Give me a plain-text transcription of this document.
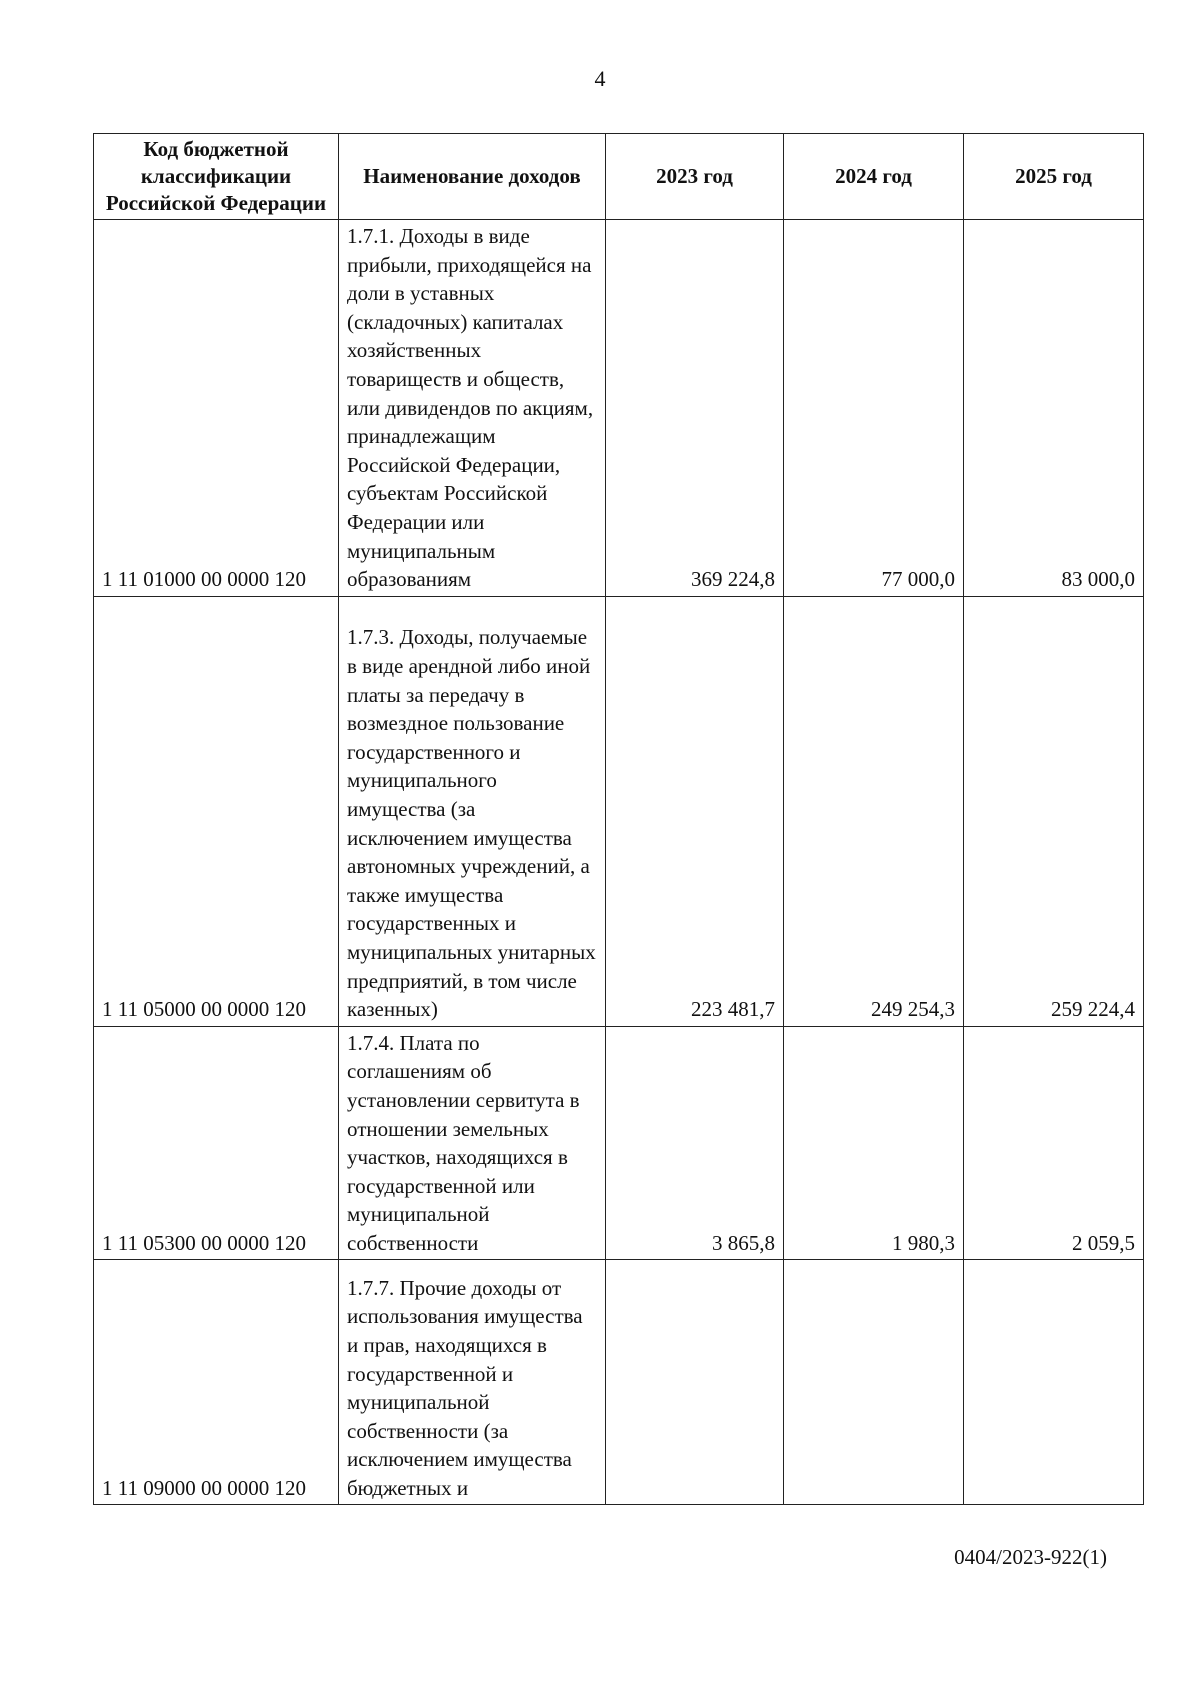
4
Код бюджетной классификации Российской Федерации	Наименование доходов	2023 год	2024 год	2025 год
1 11 01000 00 0000 120	1.7.1. Доходы в виде прибыли, приходящейся на доли в уставных (складочных) капиталах хозяйственных товариществ и обществ, или дивидендов по акциям, принадлежащим Российской Федерации, субъектам Российской Федерации или муниципальным образованиям	369 224,8	77 000,0	83 000,0
1 11 05000 00 0000 120	1.7.3. Доходы, получаемые в виде арендной либо иной платы за передачу в возмездное пользование государственного и муниципального имущества (за исключением имущества автономных учреждений, а также имущества государственных и муниципальных унитарных предприятий, в том числе казенных)	223 481,7	249 254,3	259 224,4
1 11 05300 00 0000 120	1.7.4. Плата по соглашениям об установлении сервитута в отношении земельных участков, находящихся в государственной или муниципальной собственности	3 865,8	1 980,3	2 059,5
1 11 09000 00 0000 120	1.7.7. Прочие доходы от использования имущества и прав, находящихся в государственной и муниципальной собственности (за исключением имущества бюджетных и			
0404/2023-922(1)
